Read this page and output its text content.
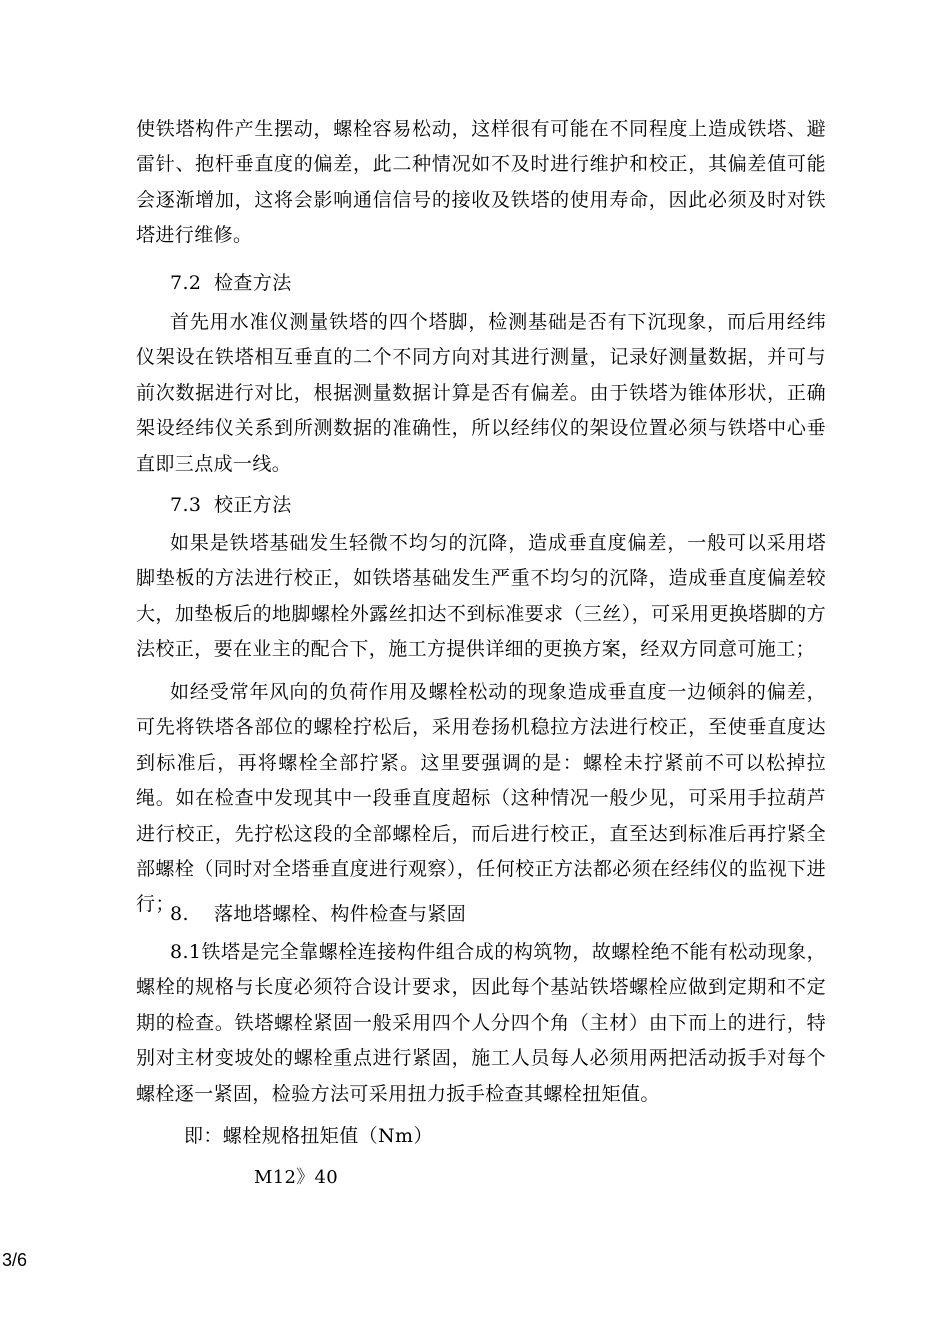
使铁塔构件产生摆动，螺栓容易松动，这样很有可能在不同程度上造成铁塔、避雷针、抱杆垂直度的偏差，此二种情况如不及时进行维护和校正，其偏差值可能会逐渐增加，这将会影响通信信号的接收及铁塔的使用寿命，因此必须及时对铁塔进行维修。

7.2 检查方法

首先用水准仪测量铁塔的四个塔脚，检测基础是否有下沉现象，而后用经纬仪架设在铁塔相互垂直的二个不同方向对其进行测量，记录好测量数据，并可与前次数据进行对比，根据测量数据计算是否有偏差。由于铁塔为锥体形状，正确架设经纬仪关系到所测数据的准确性，所以经纬仪的架设位置必须与铁塔中心垂直即三点成一线。

7.3 校正方法

如果是铁塔基础发生轻微不均匀的沉降，造成垂直度偏差，一般可以采用塔脚垫板的方法进行校正，如铁塔基础发生严重不均匀的沉降，造成垂直度偏差较大，加垫板后的地脚螺栓外露丝扣达不到标准要求（三丝），可采用更换塔脚的方法校正，要在业主的配合下，施工方提供详细的更换方案，经双方同意可施工；

如经受常年风向的负荷作用及螺栓松动的现象造成垂直度一边倾斜的偏差，可先将铁塔各部位的螺栓拧松后，采用卷扬机稳拉方法进行校正，至使垂直度达到标准后，再将螺栓全部拧紧。这里要强调的是：螺栓未拧紧前不可以松掉拉绳。如在检查中发现其中一段垂直度超标（这种情况一般少见，可采用手拉葫芦进行校正，先拧松这段的全部螺栓后，而后进行校正，直至达到标准后再拧紧全部螺栓（同时对全塔垂直度进行观察），任何校正方法都必须在经纬仪的监视下进行；

8. 落地塔螺栓、构件检查与紧固

8.1铁塔是完全靠螺栓连接构件组合成的构筑物，故螺栓绝不能有松动现象，螺栓的规格与长度必须符合设计要求，因此每个基站铁塔螺栓应做到定期和不定期的检查。铁塔螺栓紧固一般采用四个人分四个角（主材）由下而上的进行，特别对主材变坡处的螺栓重点进行紧固，施工人员每人必须用两把活动扳手对每个螺栓逐一紧固，检验方法可采用扭力扳手检查其螺栓扭矩值。

即：螺栓规格扭矩值（Nm）
M12》40
3/6
